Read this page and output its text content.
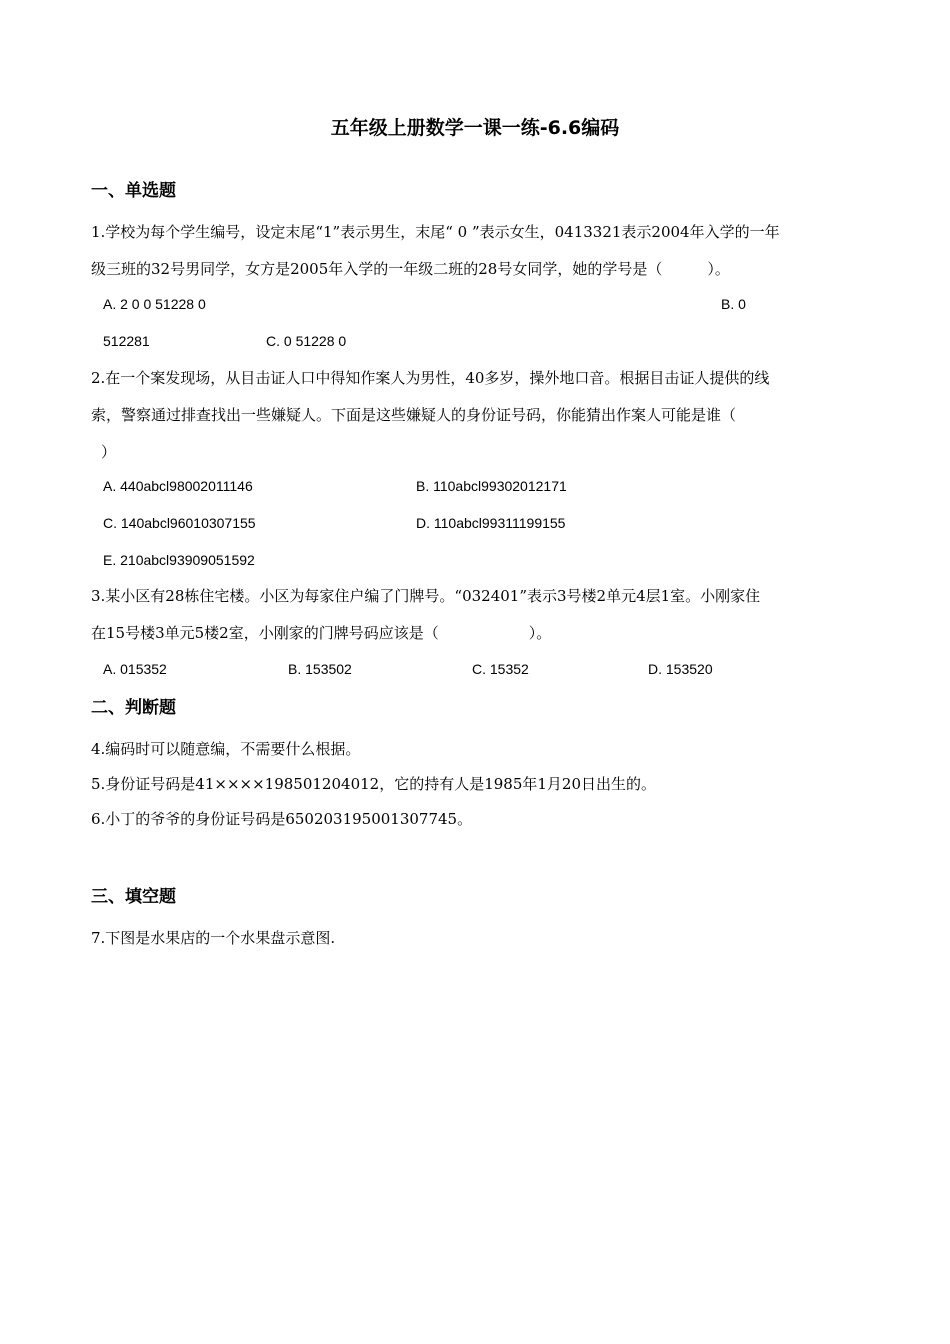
五年级上册数学一课一练-6.6编码
一、单选题
1.学校为每个学生编号，设定末尾“1”表示男生，末尾“ 0 ”表示女生，0413321表示2004年入学的一年
级三班的32号男同学，女方是2005年入学的一年级二班的28号女同学，她的学号是（　　　）。
A. 2 0 0 51228 0	B. 0
512281	C. 0 51228 0
2.在一个案发现场，从目击证人口中得知作案人为男性，40多岁，操外地口音。根据目击证人提供的线
索，警察通过排查找出一些嫌疑人。下面是这些嫌疑人的身份证号码，你能猜出作案人可能是谁（
）
A. 440abcl98002011146	B. 110abcl99302012171
C. 140abcl96010307155	D. 110abcl99311199155
E. 210abcl93909051592
3.某小区有28栋住宅楼。小区为每家住户编了门牌号。“032401”表示3号楼2单元4层1室。小刚家住
在15号楼3单元5楼2室，小刚家的门牌号码应该是（　　　　　　）。
A. 015352	B. 153502	C. 15352	D. 153520
二、判断题
4.编码时可以随意编，不需要什么根据。
5.身份证号码是41××××198501204012，它的持有人是1985年1月20日出生的。
6.小丁的爷爷的身份证号码是650203195001307745。
三、填空题
7.下图是水果店的一个水果盘示意图.
